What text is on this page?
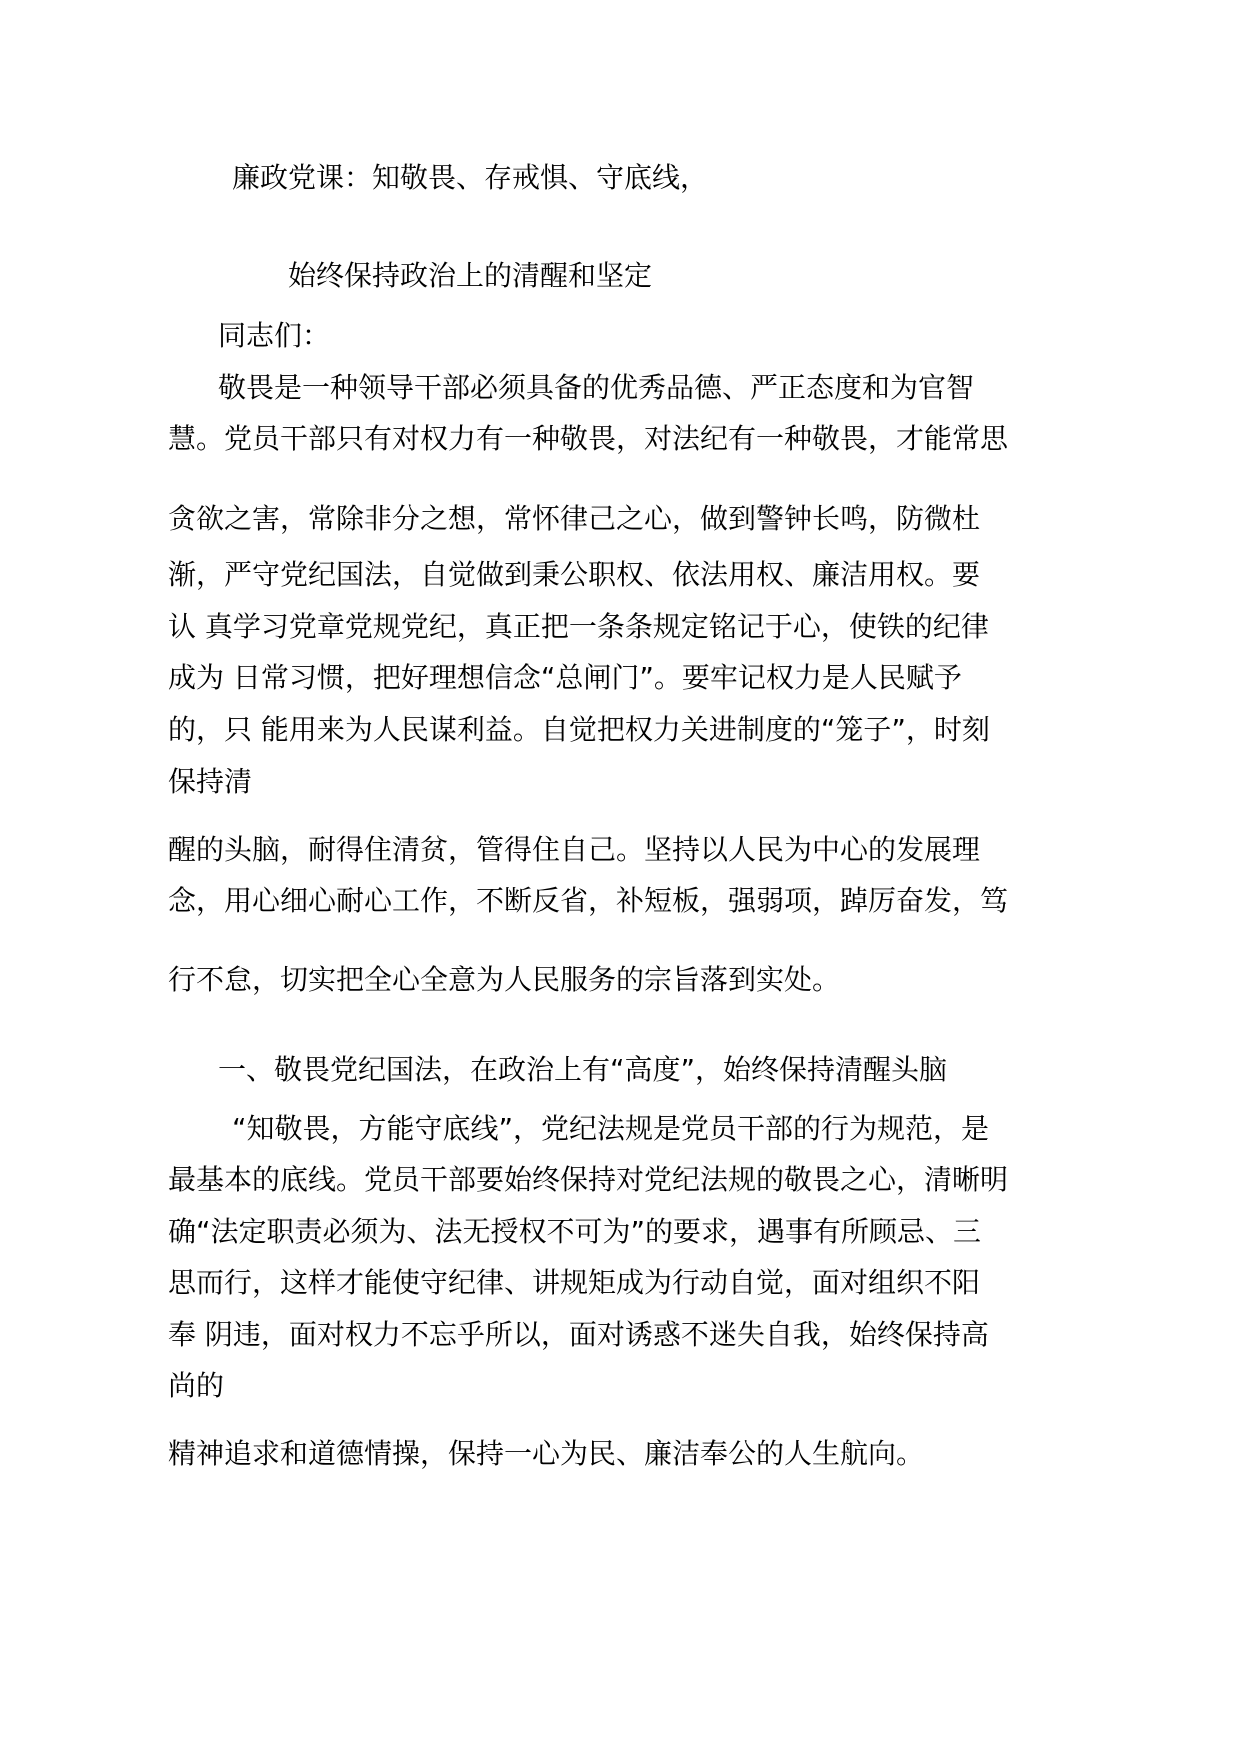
廉政党课：知敬畏、存戒惧、守底线，
始终保持政治上的清醒和坚定
同志们：
敬畏是一种领导干部必须具备的优秀品德、严正态度和为官智
慧。党员干部只有对权力有一种敬畏，对法纪有一种敬畏，才能常思
贪欲之害，常除非分之想，常怀律己之心，做到警钟长鸣，防微杜
渐，严守党纪国法，自觉做到秉公职权、依法用权、廉洁用权。要
认 真学习党章党规党纪，真正把一条条规定铭记于心，使铁的纪律
成为 日常习惯，把好理想信念“总闸门”。要牢记权力是人民赋予
的，只 能用来为人民谋利益。自觉把权力关进制度的“笼子”，时刻
保持清
醒的头脑，耐得住清贫，管得住自己。坚持以人民为中心的发展理
念，用心细心耐心工作，不断反省，补短板，强弱项，踔厉奋发，笃
行不怠，切实把全心全意为人民服务的宗旨落到实处。
一、敬畏党纪国法，在政治上有“高度”，始终保持清醒头脑
“知敬畏，方能守底线”，党纪法规是党员干部的行为规范，是
最基本的底线。党员干部要始终保持对党纪法规的敬畏之心，清晰明
确“法定职责必须为、法无授权不可为”的要求，遇事有所顾忌、三
思而行，这样才能使守纪律、讲规矩成为行动自觉，面对组织不阳
奉 阴违，面对权力不忘乎所以，面对诱惑不迷失自我，始终保持高
尚的
精神追求和道德情操，保持一心为民、廉洁奉公的人生航向。
